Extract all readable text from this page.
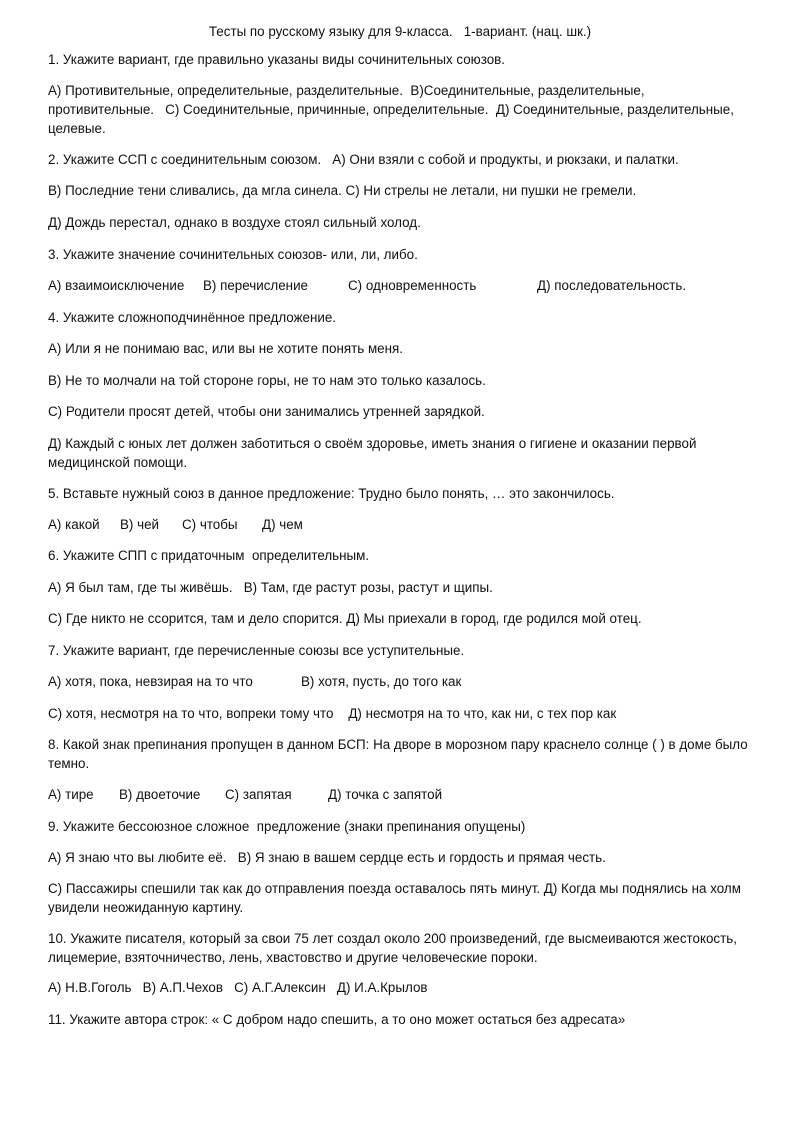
Тесты по русскому языку для 9-класса.   1-вариант. (нац. шк.)
1. Укажите вариант, где правильно указаны виды сочинительных союзов.
А) Противительные, определительные, разделительные.  В)Соединительные, разделительные, противительные.   С) Соединительные, причинные, определительные.  Д) Соединительные, разделительные, целевые.
2. Укажите ССП с соединительным союзом.   А) Они взяли с собой и продукты, и рюкзаки, и палатки.
В) Последние тени сливались, да мгла синела. С) Ни стрелы не летали, ни пушки не гремели.
Д) Дождь перестал, однако в воздухе стоял сильный холод.
3. Укажите значение сочинительных союзов- или, ли, либо.

А) взаимоисключение

В) перечисление

	С) одновременность

	Д) последовательность.

4. Укажите сложноподчинённое предложение.
А) Или я не понимаю вас, или вы не хотите понять меня.
В) Не то молчали на той стороне горы, не то нам это только казалось.
С) Родители просят детей, чтобы они занимались утренней зарядкой.
Д) Каждый с юных лет должен заботиться о своём здоровье, иметь знания о гигиене и оказании первой медицинской помощи.
5. Вставьте нужный союз в данное предложение: Трудно было понять, … это закончилось.

А) какой

В) чей

С) чтобы

Д) чем

6. Укажите СПП с придаточным  определительным.
А) Я был там, где ты живёшь.   В) Там, где растут розы, растут и щипы.
С) Где никто не ссорится, там и дело спорится. Д) Мы приехали в город, где родился мой отец.
7. Укажите вариант, где перечисленные союзы все уступительные.

А) хотя, пока, невзирая на то что

	В) хотя, пусть, до того как

С) хотя, несмотря на то что, вопреки тому что    Д) несмотря на то что, как ни, с тех пор как
8. Какой знак препинания пропущен в данном БСП: На дворе в морозном пару краснело солнце ( ) в доме было темно.

А) тире

В) двоеточие

С) запятая

	Д) точка с запятой

9. Укажите бессоюзное сложное  предложение (знаки препинания опущены)
А) Я знаю что вы любите её.   В) Я знаю в вашем сердце есть и гордость и прямая честь.
С) Пассажиры спешили так как до отправления поезда оставалось пять минут. Д) Когда мы поднялись на холм увидели неожиданную картину.
10. Укажите писателя, который за свои 75 лет создал около 200 произведений, где высмеиваются жестокость, лицемерие, взяточничество, лень, хвастовство и другие человеческие пороки.
А) Н.В.Гоголь   В) А.П.Чехов   С) А.Г.Алексин   Д) И.А.Крылов
11. Укажите автора строк: « С добром надо спешить, а то оно может остаться без адресата»
